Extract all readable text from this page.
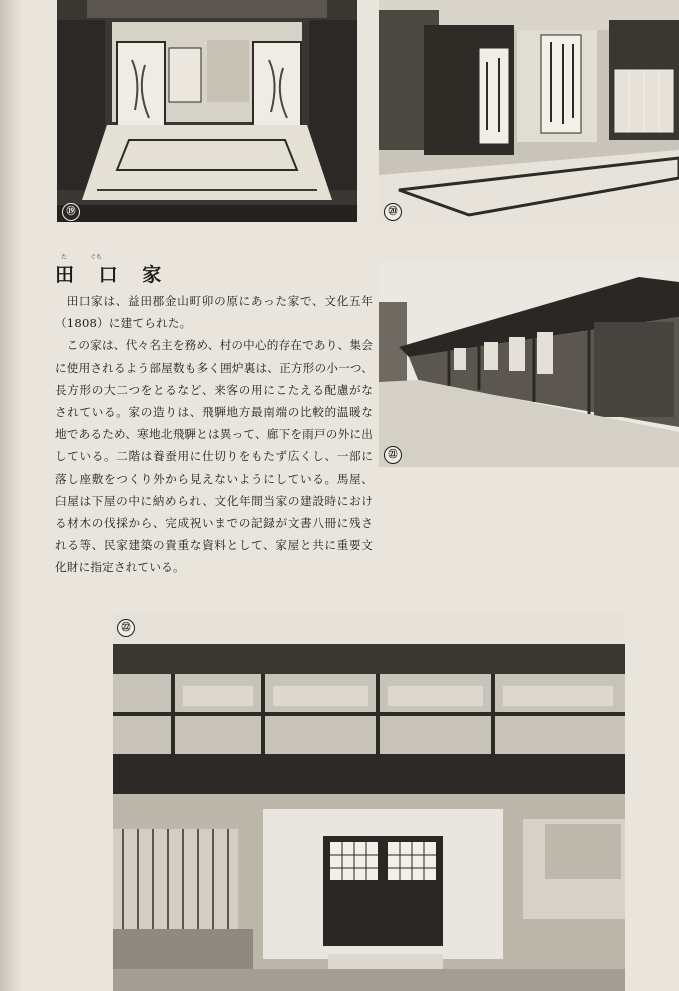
⑲	⑳
た	ぐち
田 口 家

田口家は、益田郡金山町卯の原にあった家で、文化五年（1808）に建てられた。

この家は、代々名主を務め、村の中心的存在であり、集会に使用されるよう部屋数も多く囲炉裏は、正方形の小一つ、長方形の大二つをとるなど、来客の用にこたえる配慮がなされている。家の造りは、飛騨地方最南端の比較的温暖な地であるため、寒地北飛騨とは異って、廊下を雨戸の外に出している。二階は養蚕用に仕切りをもたず広くし、一部に落し座敷をつくり外から見えないようにしている。馬屋、臼屋は下屋の中に納められ、文化年間当家の建設時における材木の伐採から、完成祝いまでの記録が文書八冊に残される等、民家建築の貴重な資料として、家屋と共に重要文化財に指定されている。

㉑
㉒
